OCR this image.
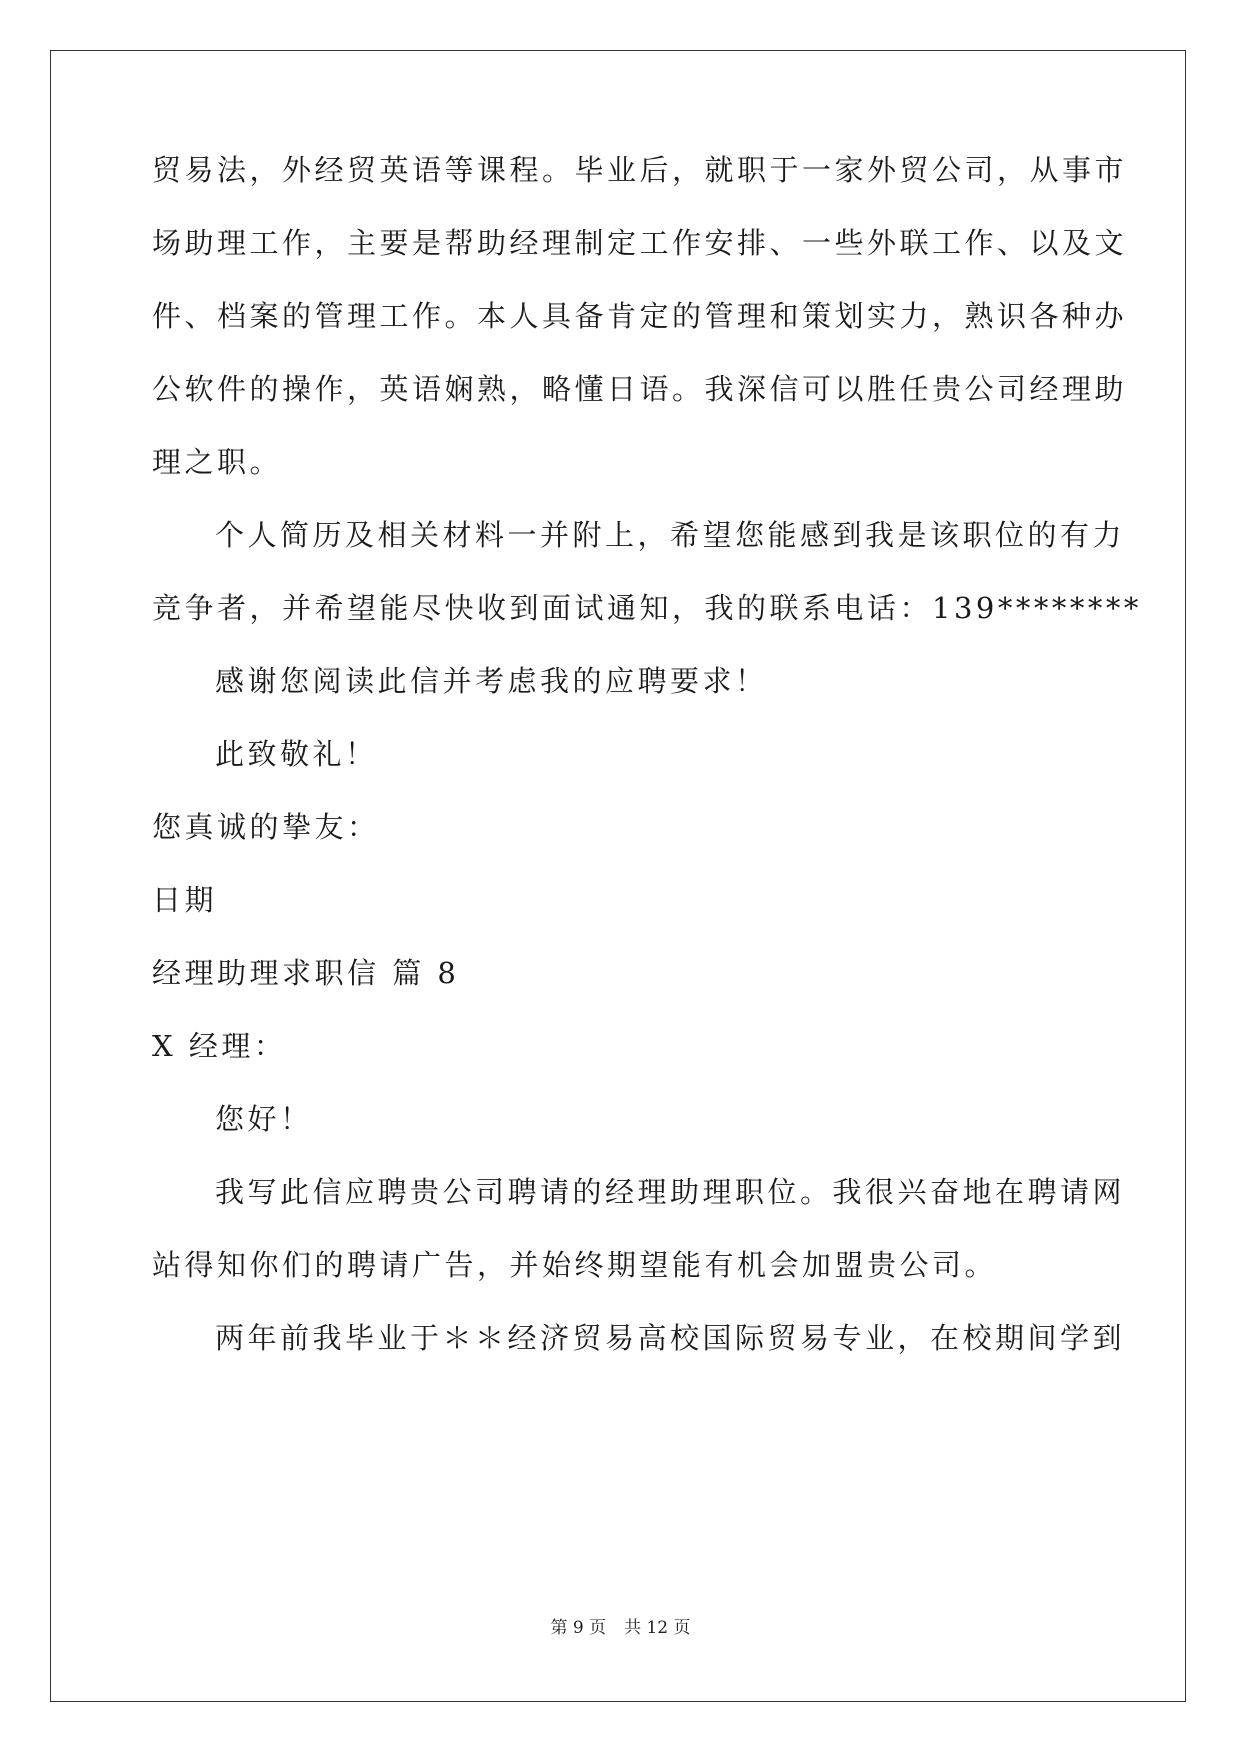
贸易法，外经贸英语等课程。毕业后，就职于一家外贸公司，从事市
场助理工作，主要是帮助经理制定工作安排、一些外联工作、以及文
件、档案的管理工作。本人具备肯定的管理和策划实力，熟识各种办
公软件的操作，英语娴熟，略懂日语。我深信可以胜任贵公司经理助
理之职。
个人简历及相关材料一并附上，希望您能感到我是该职位的有力
竞争者，并希望能尽快收到面试通知，我的联系电话：139********
感谢您阅读此信并考虑我的应聘要求！
此致敬礼！
您真诚的挚友：
日期
经理助理求职信 篇 8
X 经理：
您好！
我写此信应聘贵公司聘请的经理助理职位。我很兴奋地在聘请网
站得知你们的聘请广告，并始终期望能有机会加盟贵公司。
两年前我毕业于＊＊经济贸易高校国际贸易专业，在校期间学到
第 9 页 共 12 页
